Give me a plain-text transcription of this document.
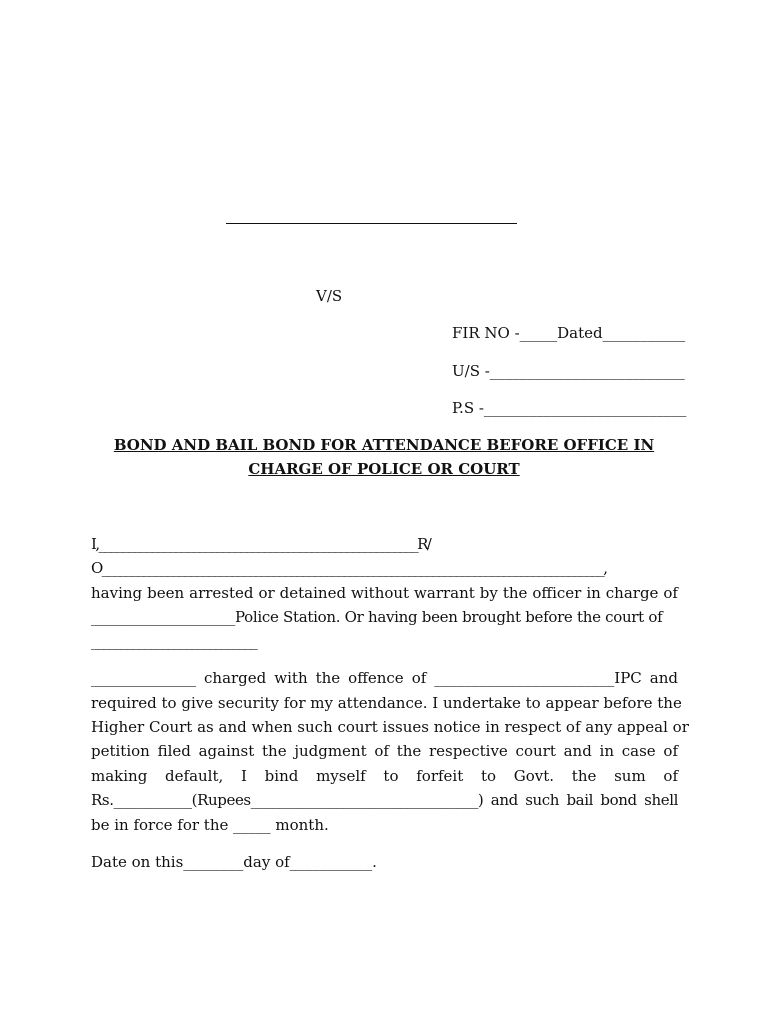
V/S
FIR NO -_____Dated___________
U/S -__________________________
P.S -___________________________
BOND AND BAIL BOND FOR ATTENDANCE BEFORE OFFICE IN
CHARGE OF POLICE OR COURT
I,______________________________________________________R/
O_____________________________________________________________________________________,
having been arrested or detained without warrant by the officer in charge of
____________________Police Station. Or having been brought before the court of
____________________________
______________ charged with the offence of ________________________IPC and
required to give security for my attendance. I undertake to appear before the
Higher Court as and when such court issues notice in respect of any appeal or
petition filed against the judgment of the respective court and in case of
making default, I bind myself to forfeit to Govt. the sum of
Rs.___________(Rupees________________________________) and such bail bond shell
be in force for the _____ month.
Date on this________day of___________.
